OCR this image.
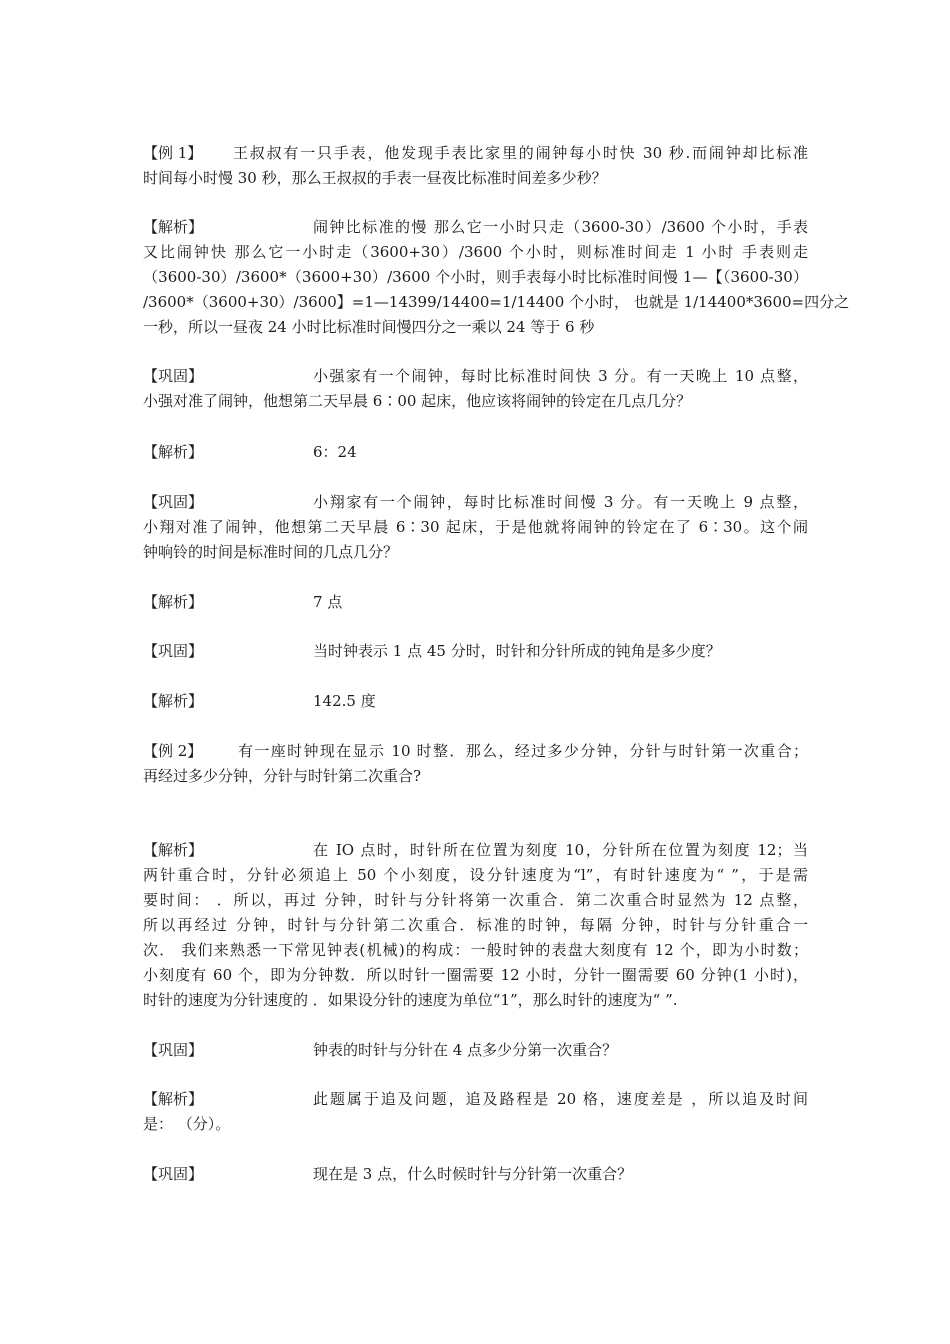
【例 1】 王叔叔有一只手表，他发现手表比家里的闹钟每小时快 30 秒.而闹钟却比标准
时间每小时慢 30 秒，那么王叔叔的手表一昼夜比标准时间差多少秒？
【解析】	闹钟比标准的慢 那么它一小时只走（3600-30）/3600 个小时，手表
又比闹钟快 那么它一小时走（3600+30）/3600 个小时，则标准时间走 1 小时 手表则走
（3600-30）/3600*（3600+30）/3600 个小时，则手表每小时比标准时间慢 1—【（3600-30）
/3600*（3600+30）/3600】=1—14399/14400=1/14400 个小时， 也就是 1/14400*3600=四分之
一秒，所以一昼夜 24 小时比标准时间慢四分之一乘以 24 等于 6 秒
【巩固】	小强家有一个闹钟，每时比标准时间快 3 分。有一天晚上 10 点整，
小强对准了闹钟，他想第二天早晨 6∶00 起床，他应该将闹钟的铃定在几点几分？
【解析】	6：24
【巩固】	小翔家有一个闹钟，每时比标准时间慢 3 分。有一天晚上 9 点整，
小翔对准了闹钟，他想第二天早晨 6∶30 起床，于是他就将闹钟的铃定在了 6∶30。这个闹
钟响铃的时间是标准时间的几点几分？
【解析】	7 点
【巩固】	当时钟表示 1 点 45 分时，时针和分针所成的钝角是多少度？
【解析】	142.5 度
【例 2】 有一座时钟现在显示 10 时整．那么，经过多少分钟，分针与时针第一次重合；
再经过多少分钟，分针与时针第二次重合?
【解析】	在 IO 点时，时针所在位置为刻度 10，分针所在位置为刻度 12；当
两针重合时，分针必须追上 50 个小刻度，设分针速度为“l”，有时针速度为“ ”，于是需
要时间： ．所以，再过 分钟，时针与分针将第一次重合．第二次重合时显然为 12 点整，
所以再经过 分钟，时针与分针第二次重合．标准的时钟，每隔 分钟，时针与分针重合一
次． 我们来熟悉一下常见钟表(机械)的构成：一般时钟的表盘大刻度有 12 个，即为小时数；
小刻度有 60 个，即为分钟数．所以时针一圈需要 12 小时，分针一圈需要 60 分钟(1 小时)，
时针的速度为分针速度的 ．如果设分针的速度为单位“1”，那么时针的速度为“ ”.
【巩固】	钟表的时针与分针在 4 点多少分第一次重合？
【解析】	此题属于追及问题，追及路程是 20 格，速度差是 ，所以追及时间
是： （分）。
【巩固】	现在是 3 点，什么时候时针与分针第一次重合？
